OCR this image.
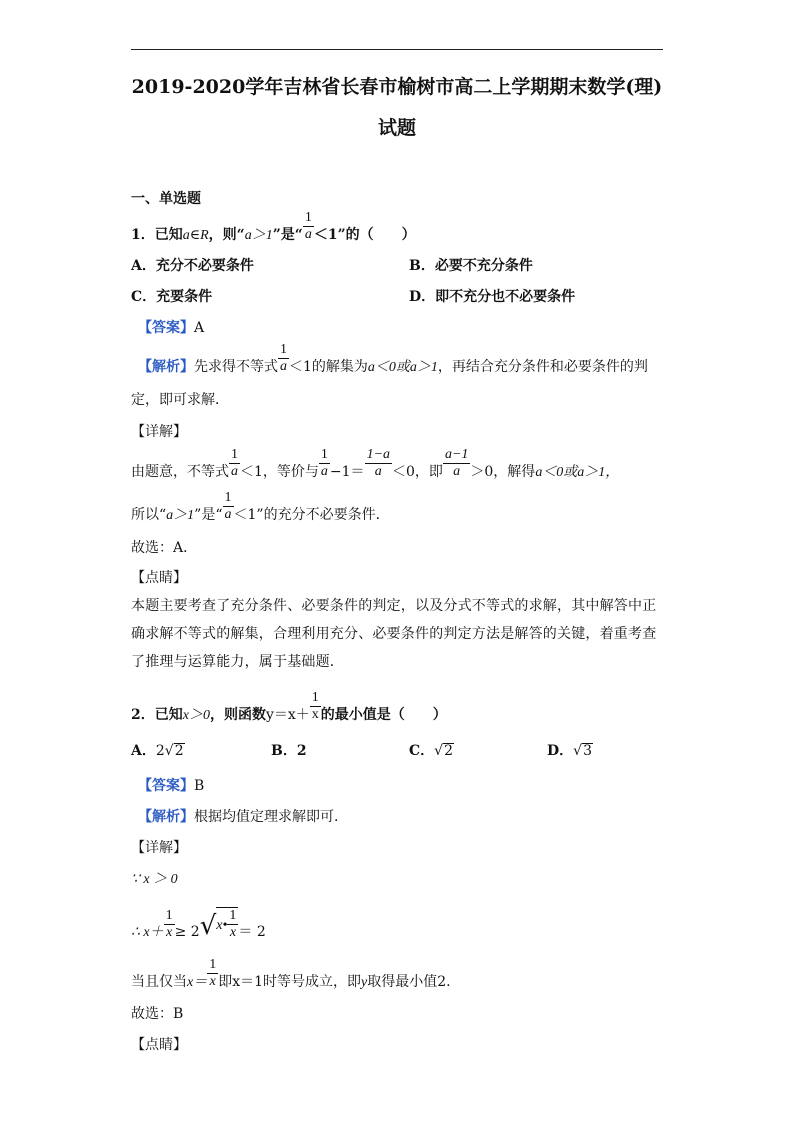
2019-2020学年吉林省长春市榆树市高二上学期期末数学(理)
试题
一、单选题
1．已知a∈R，则“a＞1”是“ $\frac{1}{a} <1$”的（　　）
A．充分不必要条件	B．必要不充分条件
C．充要条件	D．即不充分也不必要条件
【答案】A
【解析】先求得不等式 $\frac{1}{a} <1$的解集为a＜0或a＞1，再结合充分条件和必要条件的判
定，即可求解．
【详解】
由题意，不等式 $\frac{1}{a} <1$，等价与 $\frac{1}{a} -1= \frac{1-a}{a} <0$，即 $\frac{a-1}{a} >0$，解得a＜0或a＞1，
所以“a＞1”是“ $\frac{1}{a} <1$”的充分不必要条件．
故选：A．
【点睛】
本题主要考查了充分条件、必要条件的判定，以及分式不等式的求解，其中解答中正确求解不等式的解集，合理利用充分、必要条件的判定方法是解答的关键，着重考查了推理与运算能力，属于基础题．
2．已知x＞0，则函数$y=x+ \frac{1}{x}$ 的最小值是（　　）
A．2√2	B．2	C．√2	D．√3
【答案】B
【解析】根据均值定理求解即可.
【详解】
∵ x ＞ 0
∴ $x+ \frac{1}{x}$ ≥ 2√x• $\frac{1}{x} = 2$
当且仅当$x= \frac{1}{x}$ 即x＝1时等号成立，即y取得最小值2.
故选：B
【点睛】
